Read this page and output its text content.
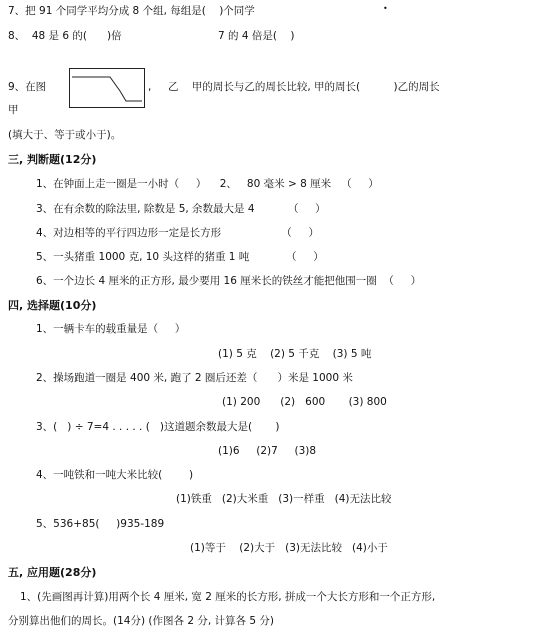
7、把 91 个同学平均分成 8 个组, 每组是(    )个同学	•
8、  48 是 6 的(      )倍	7 的 4 倍是(    )
9、在图	,     乙    甲的周长与乙的周长比较, 甲的周长(          )乙的周长
甲
(填大于、等于或小于)。
三, 判断题(12分)
1、在钟面上走一圈是一小时（     ）    2、   80 毫米 > 8 厘米   （     ）
3、在有余数的除法里, 除数是 5, 余数最大是 4          （     ）
4、对边相等的平行四边形一定是长方形                  （     ）
5、一头猪重 1000 克, 10 头这样的猪重 1 吨           （     ）
6、一个边长 4 厘米的正方形, 最少要用 16 厘米长的铁丝才能把他围一圈  （     ）
四, 选择题(10分)
1、一辆卡车的载重量是（     ）
(1) 5 克    (2) 5 千克    (3) 5 吨
2、操场跑道一圈是 400 米, 跑了 2 圈后还差（      ）米是 1000 米
(1) 200      (2)   600       (3) 800
3、(   ) ÷ 7=4 . . . . . (   )这道题余数最大是(       )
(1)6     (2)7     (3)8
4、一吨铁和一吨大米比较(        )
(1)铁重   (2)大米重   (3)一样重   (4)无法比较
5、536+85(     )935-189
(1)等于    (2)大于   (3)无法比较   (4)小于
五, 应用题(28分)
1、(先画图再计算)用两个长 4 厘米, 宽 2 厘米的长方形, 拼成一个大长方形和一个正方形,
分别算出他们的周长。(14分) (作图各 2 分, 计算各 5 分)
